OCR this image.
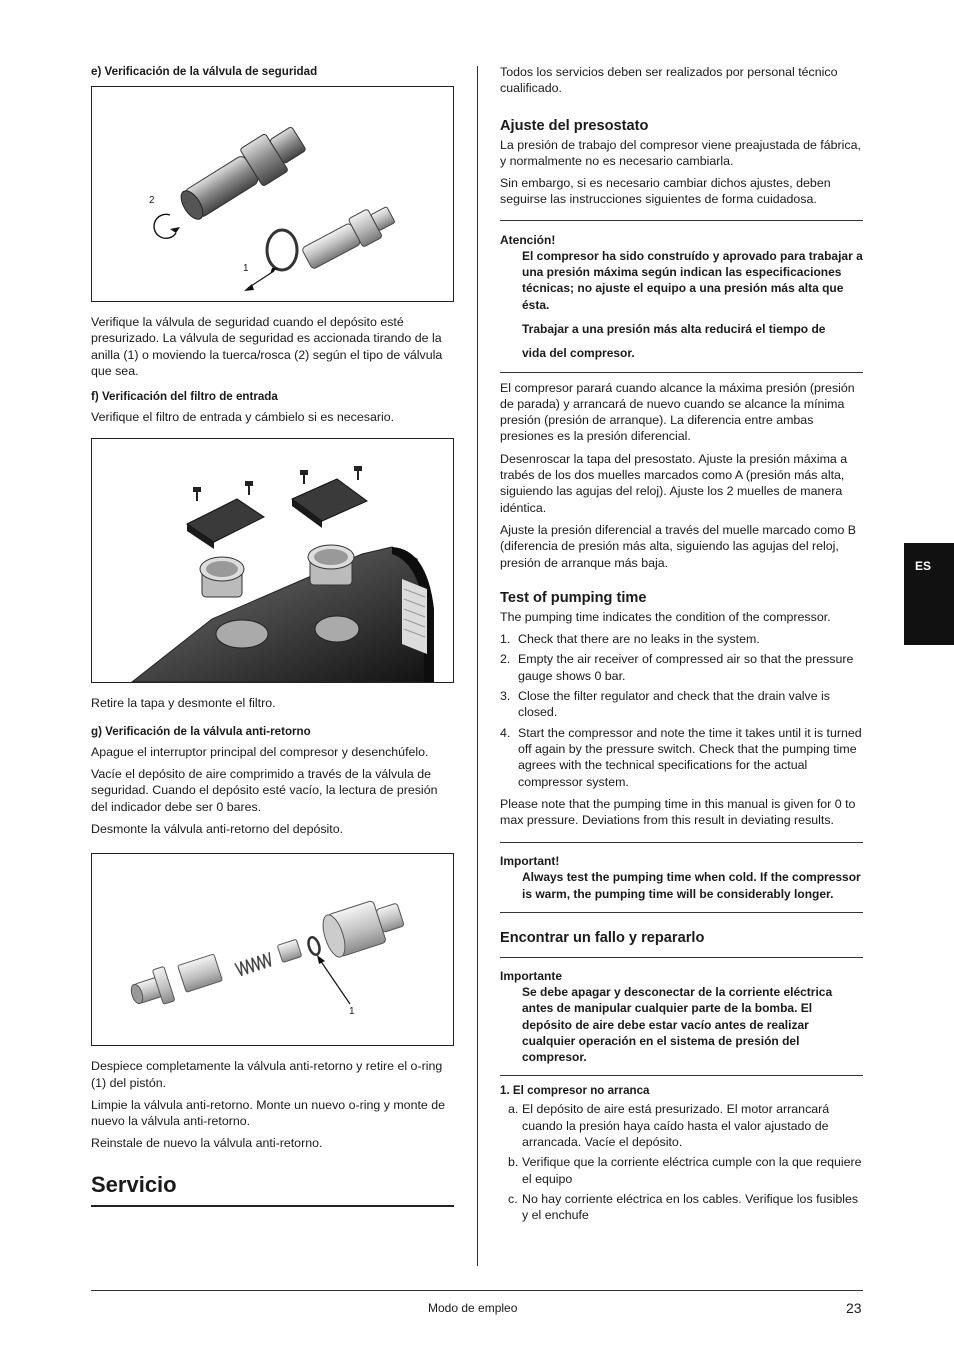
e) Verificación de la válvula de seguridad
2
1

Verifique la válvula de seguridad cuando el depósito esté presurizado. La válvula de seguridad es accionada tirando de la anilla (1) o moviendo la tuerca/rosca (2) según el tipo de válvula que sea.

f) Verificación del filtro de entrada

Verifique el filtro de entrada y cámbielo si es necesario.

Retire la tapa y desmonte el filtro.

g) Verificación de la válvula anti-retorno

Apague el interruptor principal del compresor y desenchúfelo.

Vacíe el depósito de aire comprimido a través de la válvula de seguridad. Cuando el depósito esté vacío, la lectura de presión del indicador debe ser 0 bares.

Desmonte la válvula anti-retorno del depósito.

1

Despiece completamente la válvula anti-retorno y retire el o-ring (1) del pistón.

Limpie la válvula anti-retorno. Monte un nuevo o-ring y monte de nuevo la válvula anti-retorno.

Reinstale de nuevo la válvula anti-retorno.

Servicio

Todos los servicios deben ser realizados por personal técnico cualificado.

Ajuste del presostato

La presión de trabajo del compresor viene preajustada de fábrica, y normalmente no es necesario cambiarla.

Sin embargo, si es necesario cambiar dichos ajustes, deben seguirse las instrucciones siguientes de forma cuidadosa.

Atención!
El compresor ha sido construído y aprovado para trabajar a una presión máxima según indican las especificaciones técnicas; no ajuste el equipo a una presión más alta que ésta.
Trabajar a una presión más alta reducirá el tiempo de
vida del compresor.

El compresor parará cuando alcance la máxima presión (presión de parada) y arrancará de nuevo cuando se alcance la mínima presión (presión de arranque). La diferencia entre ambas presiones es la presión diferencial.

Desenroscar la tapa del presostato. Ajuste la presión máxima a trabés de los dos muelles marcados como A (presión más alta, siguiendo las agujas del reloj). Ajuste los 2 muelles de manera idéntica.

Ajuste la presión diferencial a través del muelle marcado como B (diferencia de presión más alta, siguiendo las agujas del reloj, presión de arranque más baja.

Test of pumping time

The pumping time indicates the condition of the compressor.

1. Check that there are no leaks in the system.
2. Empty the air receiver of compressed air so that the pressure gauge shows 0 bar.
3. Close the filter regulator and check that the drain valve is closed.
4. Start the compressor and note the time it takes until it is turned off again by the pressure switch. Check that the pumping time agrees with the technical specifications for the actual compressor system.

Please note that the pumping time in this manual is given for 0 to max pressure. Deviations from this result in deviating results.

Important!
Always test the pumping time when cold. If the compressor is warm, the pumping time will be considerably longer.
Encontrar un fallo y repararlo
Importante
Se debe apagar y desconectar de la corriente eléctrica antes de manipular cualquier parte de la bomba. El depósito de aire debe estar vacío antes de realizar cualquier operación en el sistema de presión del compresor.
1. El compresor no arranca
a. El depósito de aire está presurizado. El motor arrancará cuando la presión haya caído hasta el valor ajustado de arrancada. Vacíe el depósito.
b. Verifique que la corriente eléctrica cumple con la que requiere el equipo
c. No hay corriente eléctrica en los cables. Verifique los fusibles y el enchufe
ES
Modo de empleo	23
